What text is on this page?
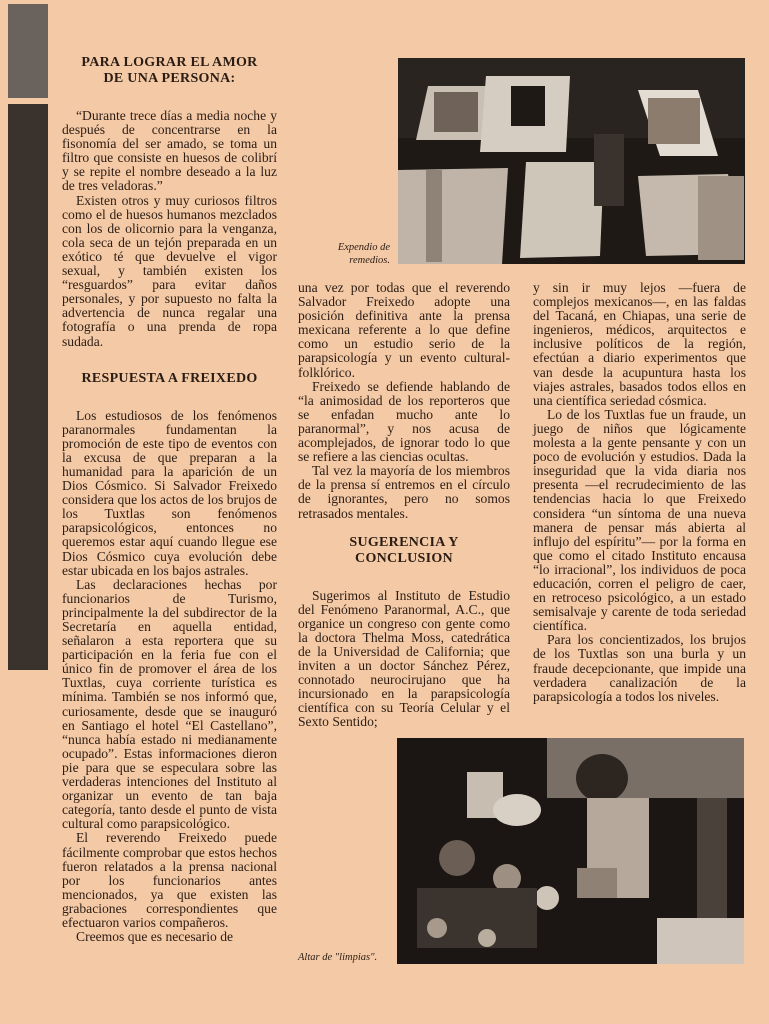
Expendio de remedios.
PARA LOGRAR EL AMOR DE UNA PERSONA:

“Durante trece días a media noche y después de concentrarse en la fisonomía del ser amado, se toma un filtro que consiste en huesos de colibrí y se repite el nombre deseado a la luz de tres veladoras.”

Existen otros y muy curiosos filtros como el de huesos humanos mezclados con los de olicornio para la venganza, cola seca de un tejón preparada en un exótico té que devuelve el vigor sexual, y también existen los “resguardos” para evitar daños personales, y por supuesto no falta la advertencia de nunca regalar una fotografía o una prenda de ropa sudada.

RESPUESTA A FREIXEDO

Los estudiosos de los fenómenos paranormales fundamentan la promoción de este tipo de eventos con la excusa de que preparan a la humanidad para la aparición de un Dios Cósmico. Si Salvador Freixedo considera que los actos de los brujos de los Tuxtlas son fenómenos parapsicológicos, entonces no queremos estar aquí cuando llegue ese Dios Cósmico cuya evolución debe estar ubicada en los bajos astrales.

Las declaraciones hechas por funcionarios de Turismo, principalmente la del subdirector de la Secretaría en aquella entidad, señalaron a esta reportera que su participación en la feria fue con el único fin de promover el área de los Tuxtlas, cuya corriente turística es mínima. También se nos informó que, curiosamente, desde que se inauguró en Santiago el hotel “El Castellano”, “nunca había estado ni medianamente ocupado”. Estas informaciones dieron pie para que se especulara sobre las verdaderas intenciones del Instituto al organizar un evento de tan baja categoría, tanto desde el punto de vista cultural como parapsicológico.

El reverendo Freixedo puede fácilmente comprobar que estos hechos fueron relatados a la prensa nacional por los funcionarios antes mencionados, ya que existen las grabaciones correspondientes que efectuaron varios compañeros.

Creemos que es necesario de

una vez por todas que el reverendo Salvador Freixedo adopte una posición definitiva ante la prensa mexicana referente a lo que define como un estudio serio de la parapsicología y un evento cultural-folklórico.

Freixedo se defiende hablando de “la animosidad de los reporteros que se enfadan mucho ante lo paranormal”, y nos acusa de acomplejados, de ignorar todo lo que se refiere a las ciencias ocultas.

Tal vez la mayoría de los miembros de la prensa sí entremos en el círculo de ignorantes, pero no somos retrasados mentales.

SUGERENCIA Y CONCLUSION

Sugerimos al Instituto de Estudio del Fenómeno Paranormal, A.C., que organice un congreso con gente como la doctora Thelma Moss, catedrática de la Universidad de California; que inviten a un doctor Sánchez Pérez, connotado neurocirujano que ha incursionado en la parapsicología científica con su Teoría Celular y el Sexto Sentido;

y sin ir muy lejos —fuera de complejos mexicanos—, en las faldas del Tacaná, en Chiapas, una serie de ingenieros, médicos, arquitectos e inclusive políticos de la región, efectúan a diario experimentos que van desde la acupuntura hasta los viajes astrales, basados todos ellos en una científica seriedad cósmica.

Lo de los Tuxtlas fue un fraude, un juego de niños que lógicamente molesta a la gente pensante y con un poco de evolución y estudios. Dada la inseguridad que la vida diaria nos presenta —el recrudecimiento de las tendencias hacia lo que Freixedo considera “un síntoma de una nueva manera de pensar más abierta al influjo del espíritu”— por la forma en que como el citado Instituto encausa “lo irracional”, los individuos de poca educación, corren el peligro de caer, en retroceso psicológico, a un estado semisalvaje y carente de toda seriedad científica.

Para los concientizados, los brujos de los Tuxtlas son una burla y un fraude decepcionante, que impide una verdadera canalización de la parapsicología a todos los niveles.

Altar de "limpias".
